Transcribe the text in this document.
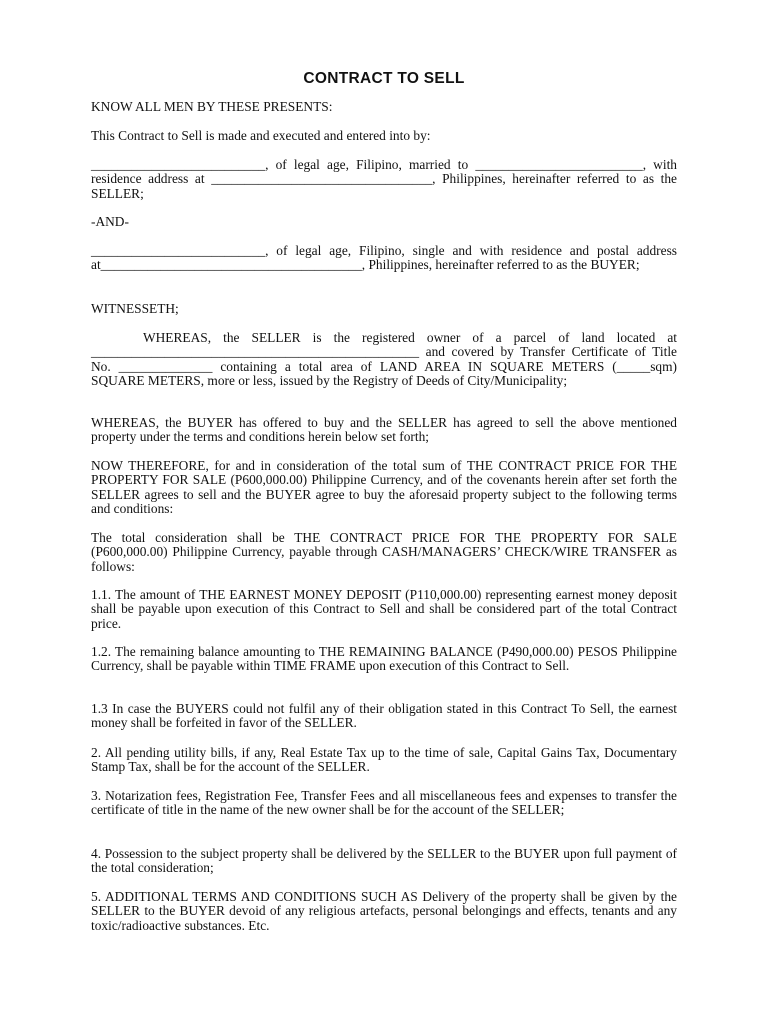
CONTRACT TO SELL
KNOW ALL MEN BY THESE PRESENTS:
This Contract to Sell is made and executed and entered into by:
__________________________, of legal age, Filipino, married to _________________________, with residence address at _________________________________, Philippines, hereinafter referred to as the SELLER;
-AND-
__________________________, of legal age, Filipino, single and with residence and postal address at_______________________________________, Philippines, hereinafter referred to as the BUYER;
WITNESSETH;
WHEREAS, the SELLER is the registered owner of a parcel of land located at _________________________________________________ and covered by Transfer Certificate of Title No. ______________ containing a total area of LAND AREA IN SQUARE METERS (_____sqm) SQUARE METERS, more or less, issued by the Registry of Deeds of City/Municipality;
WHEREAS, the BUYER has offered to buy and the SELLER has agreed to sell the above mentioned property under the terms and conditions herein below set forth;
NOW THEREFORE, for and in consideration of the total sum of THE CONTRACT PRICE FOR THE PROPERTY FOR SALE (P600,000.00) Philippine Currency, and of the covenants herein after set forth the SELLER agrees to sell and the BUYER agree to buy the aforesaid property subject to the following terms and conditions:
The total consideration shall be THE CONTRACT PRICE FOR THE PROPERTY FOR SALE (P600,000.00) Philippine Currency, payable through CASH/MANAGERS’ CHECK/WIRE TRANSFER as follows:
1.1. The amount of THE EARNEST MONEY DEPOSIT (P110,000.00) representing earnest money deposit shall be payable upon execution of this Contract to Sell and shall be considered part of the total Contract price.
1.2. The remaining balance amounting to THE REMAINING BALANCE (P490,000.00) PESOS Philippine Currency, shall be payable within TIME FRAME upon execution of this Contract to Sell.
1.3 In case the BUYERS could not fulfil any of their obligation stated in this Contract To Sell, the earnest money shall be forfeited in favor of the SELLER.
2. All pending utility bills, if any, Real Estate Tax up to the time of sale, Capital Gains Tax, Documentary Stamp Tax, shall be for the account of the SELLER.
3. Notarization fees, Registration Fee, Transfer Fees and all miscellaneous fees and expenses to transfer the certificate of title in the name of the new owner shall be for the account of the SELLER;
4. Possession to the subject property shall be delivered by the SELLER to the BUYER upon full payment of the total consideration;
5. ADDITIONAL TERMS AND CONDITIONS SUCH AS Delivery of the property shall be given by the SELLER to the BUYER devoid of any religious artefacts, personal belongings and effects, tenants and any toxic/radioactive substances. Etc.
